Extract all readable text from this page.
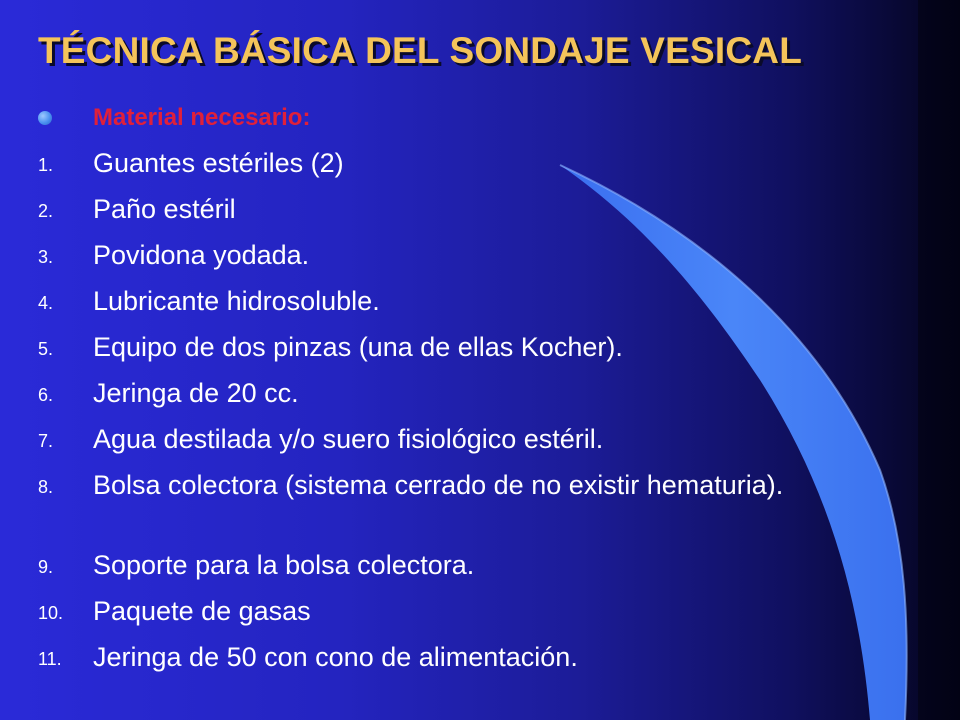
TÉCNICA BÁSICA DEL SONDAJE VESICAL
Material necesario:
1. Guantes estériles (2)
2. Paño estéril
3. Povidona yodada.
4. Lubricante hidrosoluble.
5. Equipo de dos pinzas (una de ellas Kocher).
6. Jeringa de 20 cc.
7. Agua destilada y/o suero fisiológico estéril.
8. Bolsa colectora (sistema cerrado de no existir hematuria).
9. Soporte para la bolsa colectora.
10. Paquete de gasas
11. Jeringa de 50 con cono de alimentación.
